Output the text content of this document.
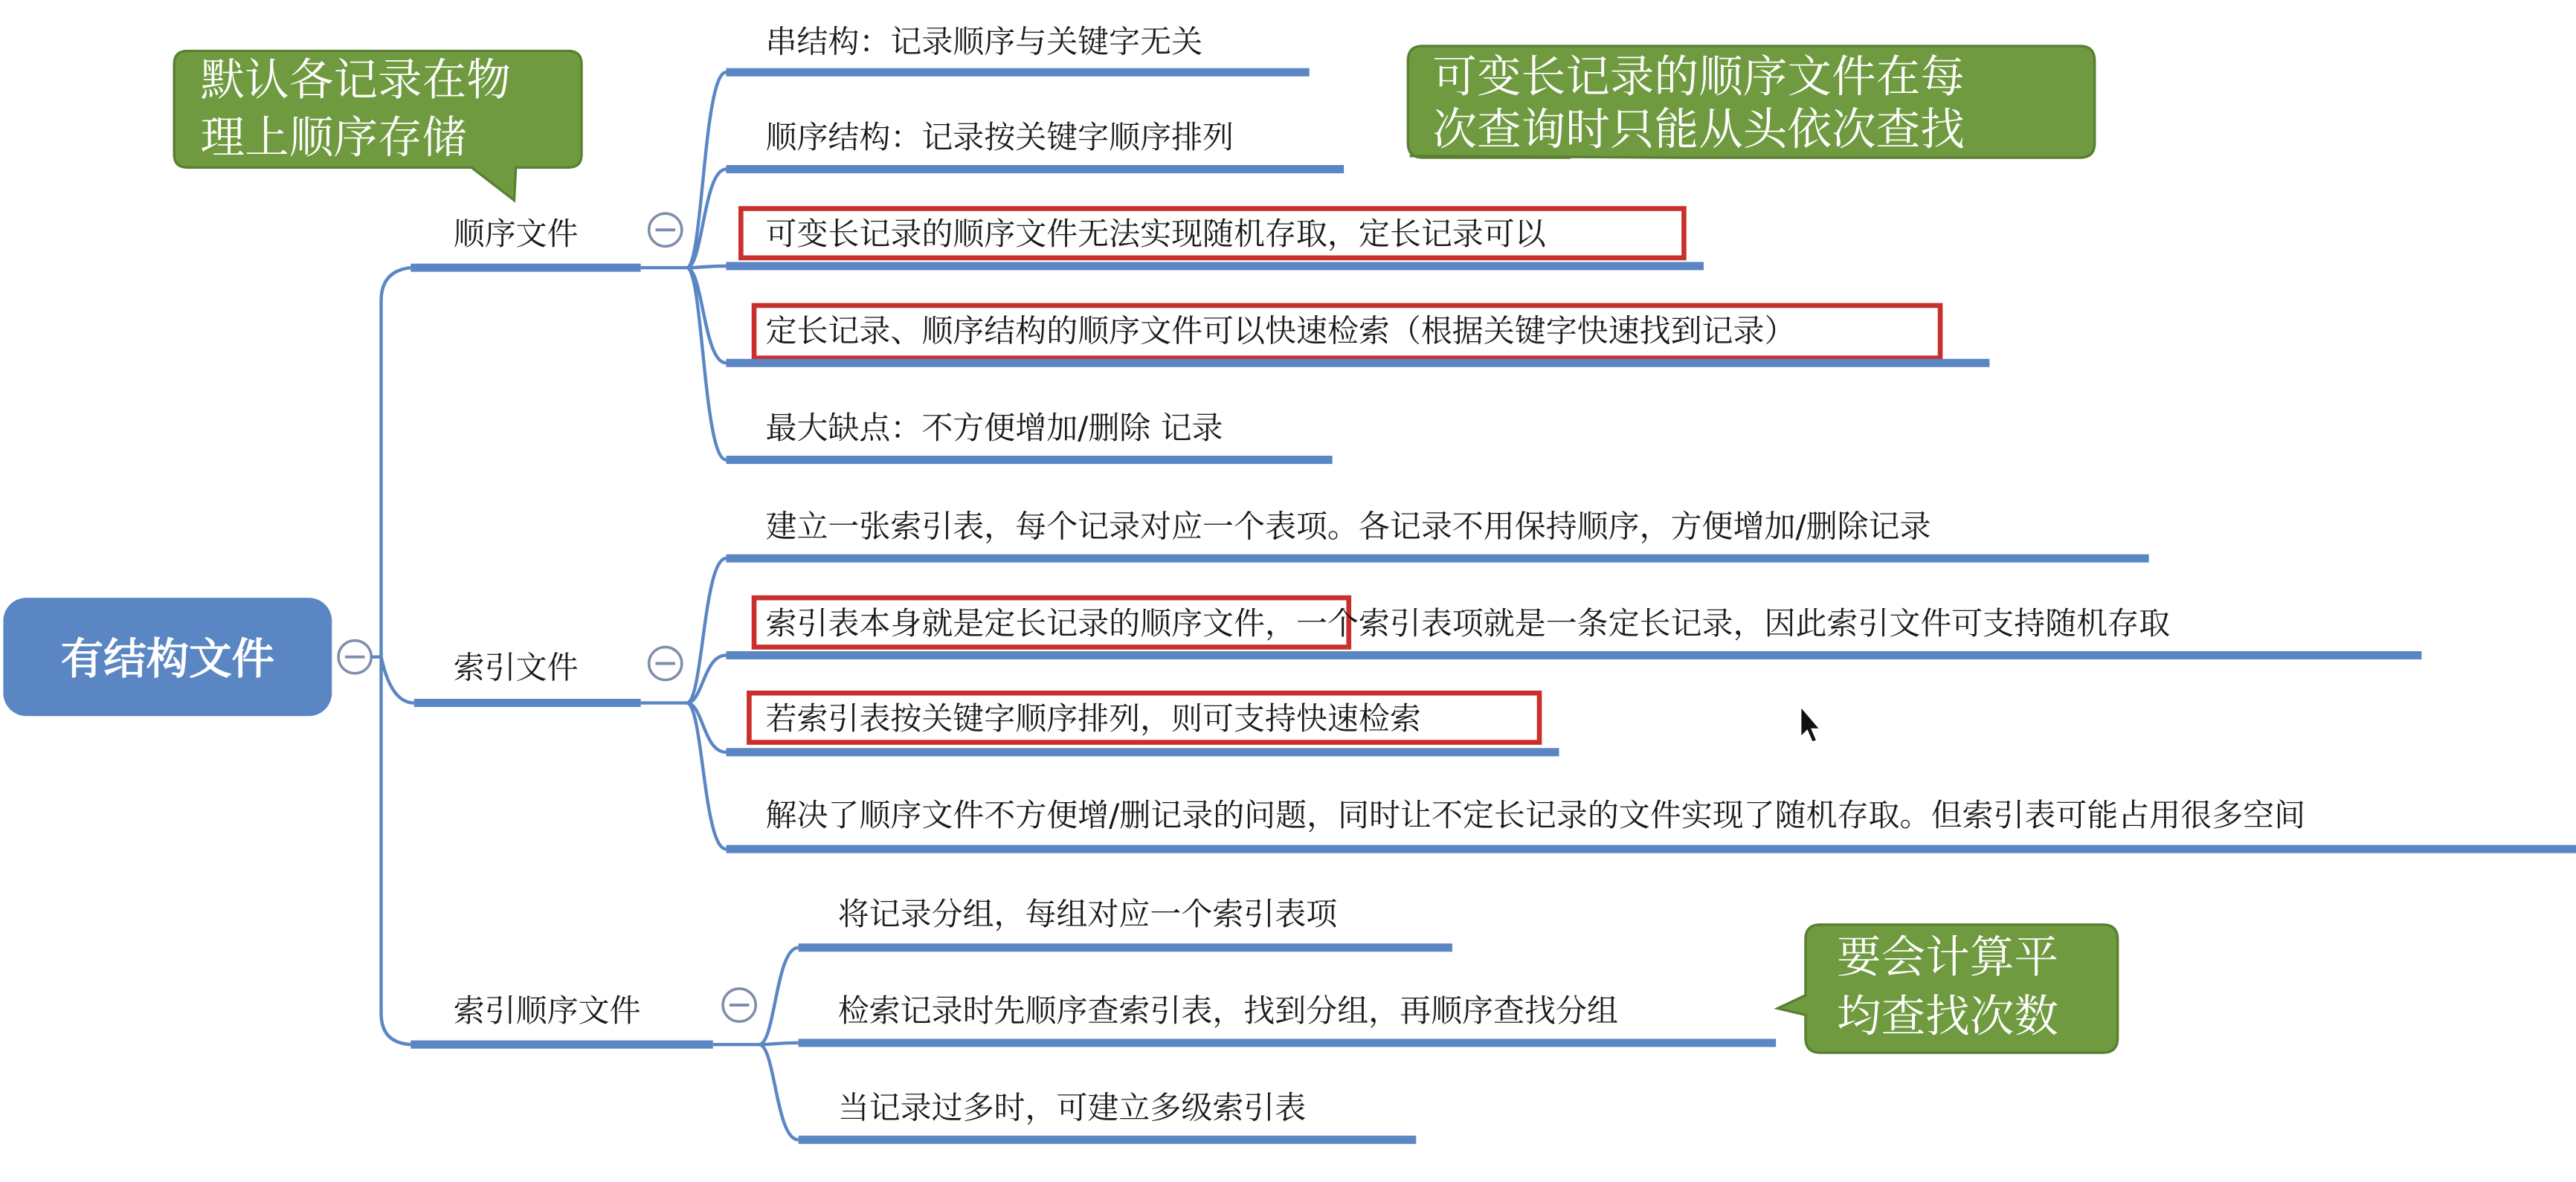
有结构文件
顺序文件
串结构：记录顺序与关键字无关
顺序结构：记录按关键字顺序排列
可变长记录的顺序文件无法实现随机存取，定长记录可以
定长记录、顺序结构的顺序文件可以快速检索（根据关键字快速找到记录）
最大缺点：不方便增加/删除 记录
索引文件
建立一张索引表，每个记录对应一个表项。各记录不用保持顺序，方便增加/删除记录
索引表本身就是定长记录的顺序文件，一个索引表项就是一条定长记录，因此索引文件可支持随机存取
若索引表按关键字顺序排列，则可支持快速检索
解决了顺序文件不方便增/删记录的问题，同时让不定长记录的文件实现了随机存取。但索引表可能占用很多空间
索引顺序文件
将记录分组，每组对应一个索引表项
检索记录时先顺序查索引表，找到分组，再顺序查找分组
当记录过多时，可建立多级索引表
默认各记录在物
理上顺序存储
可变长记录的顺序文件在每
次查询时只能从头依次查找
要会计算平
均查找次数
